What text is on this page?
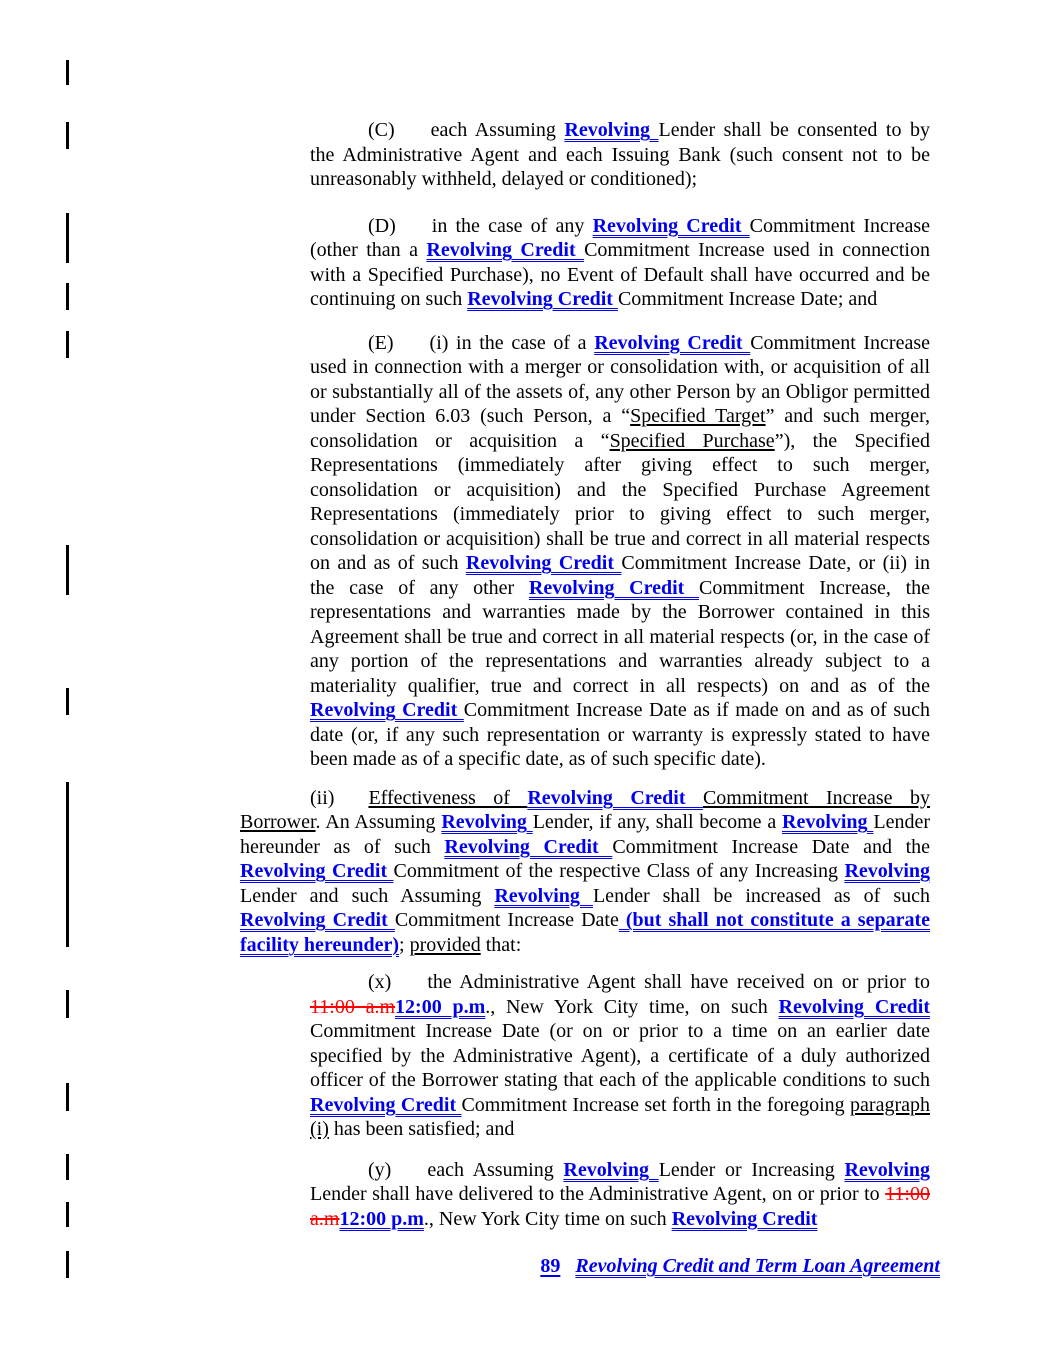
(C) each Assuming Revolving Lender shall be consented to by the Administrative Agent and each Issuing Bank (such consent not to be unreasonably withheld, delayed or conditioned);

(D) in the case of any Revolving Credit Commitment Increase (other than a Revolving Credit Commitment Increase used in connection with a Specified Purchase), no Event of Default shall have occurred and be continuing on such Revolving Credit Commitment Increase Date; and

(E) (i) in the case of a Revolving Credit Commitment Increase used in connection with a merger or consolidation with, or acquisition of all or substantially all of the assets of, any other Person by an Obligor permitted under Section 6.03 (such Person, a “Specified Target” and such merger, consolidation or acquisition a “Specified Purchase”), the Specified Representations (immediately after giving effect to such merger, consolidation or acquisition) and the Specified Purchase Agreement Representations (immediately prior to giving effect to such merger, consolidation or acquisition) shall be true and correct in all material respects on and as of such Revolving Credit Commitment Increase Date, or (ii) in the case of any other Revolving Credit Commitment Increase, the representations and warranties made by the Borrower contained in this Agreement shall be true and correct in all material respects (or, in the case of any portion of the representations and warranties already subject to a materiality qualifier, true and correct in all respects) on and as of the Revolving Credit Commitment Increase Date as if made on and as of such date (or, if any such representation or warranty is expressly stated to have been made as of a specific date, as of such specific date).

(ii) Effectiveness of Revolving Credit Commitment Increase by Borrower. An Assuming Revolving Lender, if any, shall become a Revolving Lender hereunder as of such Revolving Credit Commitment Increase Date and the Revolving Credit Commitment of the respective Class of any Increasing Revolving Lender and such Assuming Revolving Lender shall be increased as of such Revolving Credit Commitment Increase Date (but shall not constitute a separate facility hereunder); provided that:

(x) the Administrative Agent shall have received on or prior to 11:00 a.m12:00 p.m., New York City time, on such Revolving Credit Commitment Increase Date (or on or prior to a time on an earlier date specified by the Administrative Agent), a certificate of a duly authorized officer of the Borrower stating that each of the applicable conditions to such Revolving Credit Commitment Increase set forth in the foregoing paragraph (i) has been satisfied; and

(y) each Assuming Revolving Lender or Increasing Revolving Lender shall have delivered to the Administrative Agent, on or prior to 11:00 a.m12:00 p.m., New York City time on such Revolving Credit

89 Revolving Credit and Term Loan Agreement
